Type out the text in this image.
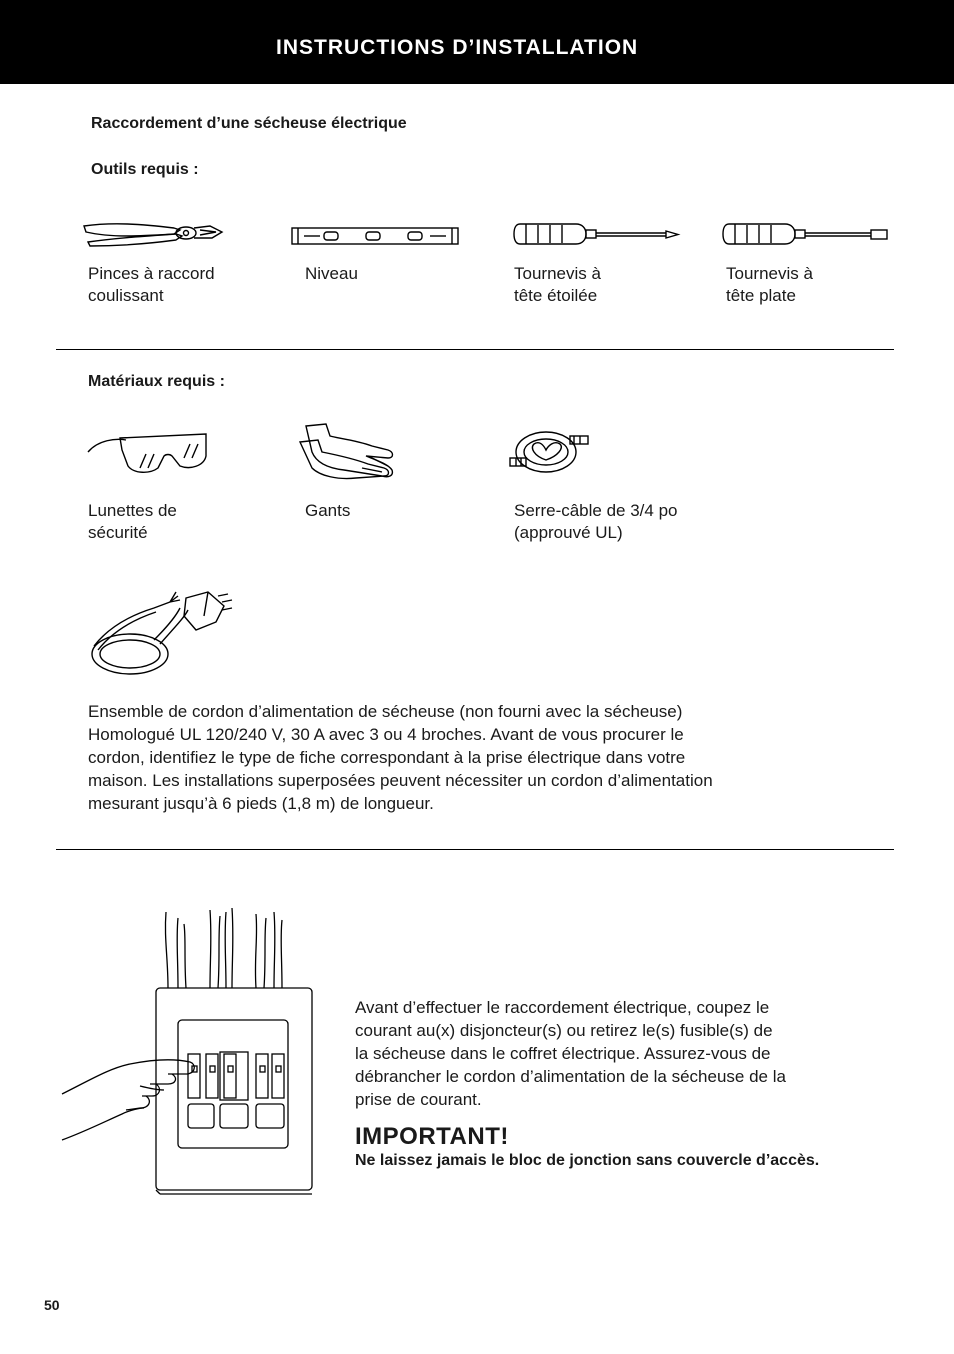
INSTRUCTIONS D’INSTALLATION
Raccordement d’une sécheuse électrique
Outils requis :
Pinces à raccord
coulissant
Niveau	Tournevis à
tête étoilée
Tournevis à
tête plate
Matériaux requis :
Lunettes de
sécurité
Gants	Serre-câble de 3/4 po
(approuvé UL)
Ensemble de cordon d’alimentation de sécheuse (non fourni avec la sécheuse)
Homologué UL 120/240 V, 30 A avec 3 ou 4 broches. Avant de vous procurer le
cordon, identifiez le type de fiche correspondant à la prise électrique dans votre
maison. Les installations superposées peuvent nécessiter un cordon d’alimentation
mesurant jusqu’à 6 pieds (1,8 m) de longueur.
Avant d’effectuer le raccordement électrique, coupez le
courant au(x) disjoncteur(s) ou retirez le(s) fusible(s) de
la sécheuse dans le coffret électrique. Assurez-vous de
débrancher le cordon d’alimentation de la sécheuse de la
prise de courant.
IMPORTANT!
Ne laissez jamais le bloc de jonction sans couvercle d’accès.
50
